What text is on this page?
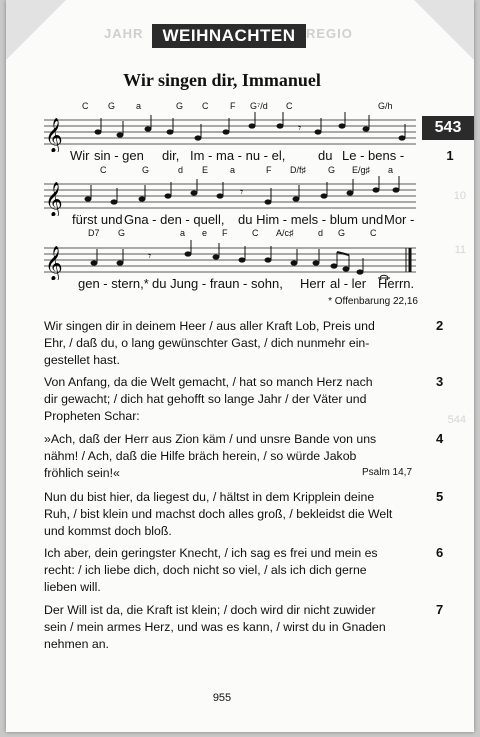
JAHR	REGIO
WEIHNACHTEN
Wir singen dir, Immanuel
543
10
11
544
C G a	G C F G⁷/d C	G/h
𝄞	𝄾
Wir sin - gen dir, Im - ma - nu - el,	du Le - bens -	1
C	G	d E a	F D/f♯ G E/g♯ a
𝄞	𝄾
fürst und Gna - den - quell, du Him - mels - blum und Mor -
D7 G	a e F	C A/c♯	d G	C
𝄞	𝄾
gen - stern,* du Jung - fraun - sohn, Herr al - ler Herrn.
* Offenbarung 22,16
Wir singen dir in deinem Heer / aus aller Kraft Lob, Preis und
Ehr, / daß du, o lang gewünschter Gast, / dich nunmehr ein-
gestellet hast.
2
Von Anfang, da die Welt gemacht, / hat so manch Herz nach
dir gewacht; / dich hat gehofft so lange Jahr / der Väter und
Propheten Schar:
3
»Ach, daß der Herr aus Zion käm / und unsre Bande von uns
nähm! / Ach, daß die Hilfe bräch herein, / so würde Jakob
fröhlich sein!«	Psalm 14,7
4
Nun du bist hier, da liegest du, / hältst in dem Kripplein deine
Ruh, / bist klein und machst doch alles groß, / bekleidst die Welt
und kommst doch bloß.
5
Ich aber, dein geringster Knecht, / ich sag es frei und mein es
recht: / ich liebe dich, doch nicht so viel, / als ich dich gerne
lieben will.
6
Der Will ist da, die Kraft ist klein; / doch wird dir nicht zuwider
sein / mein armes Herz, und was es kann, / wirst du in Gnaden
nehmen an.
7
955
